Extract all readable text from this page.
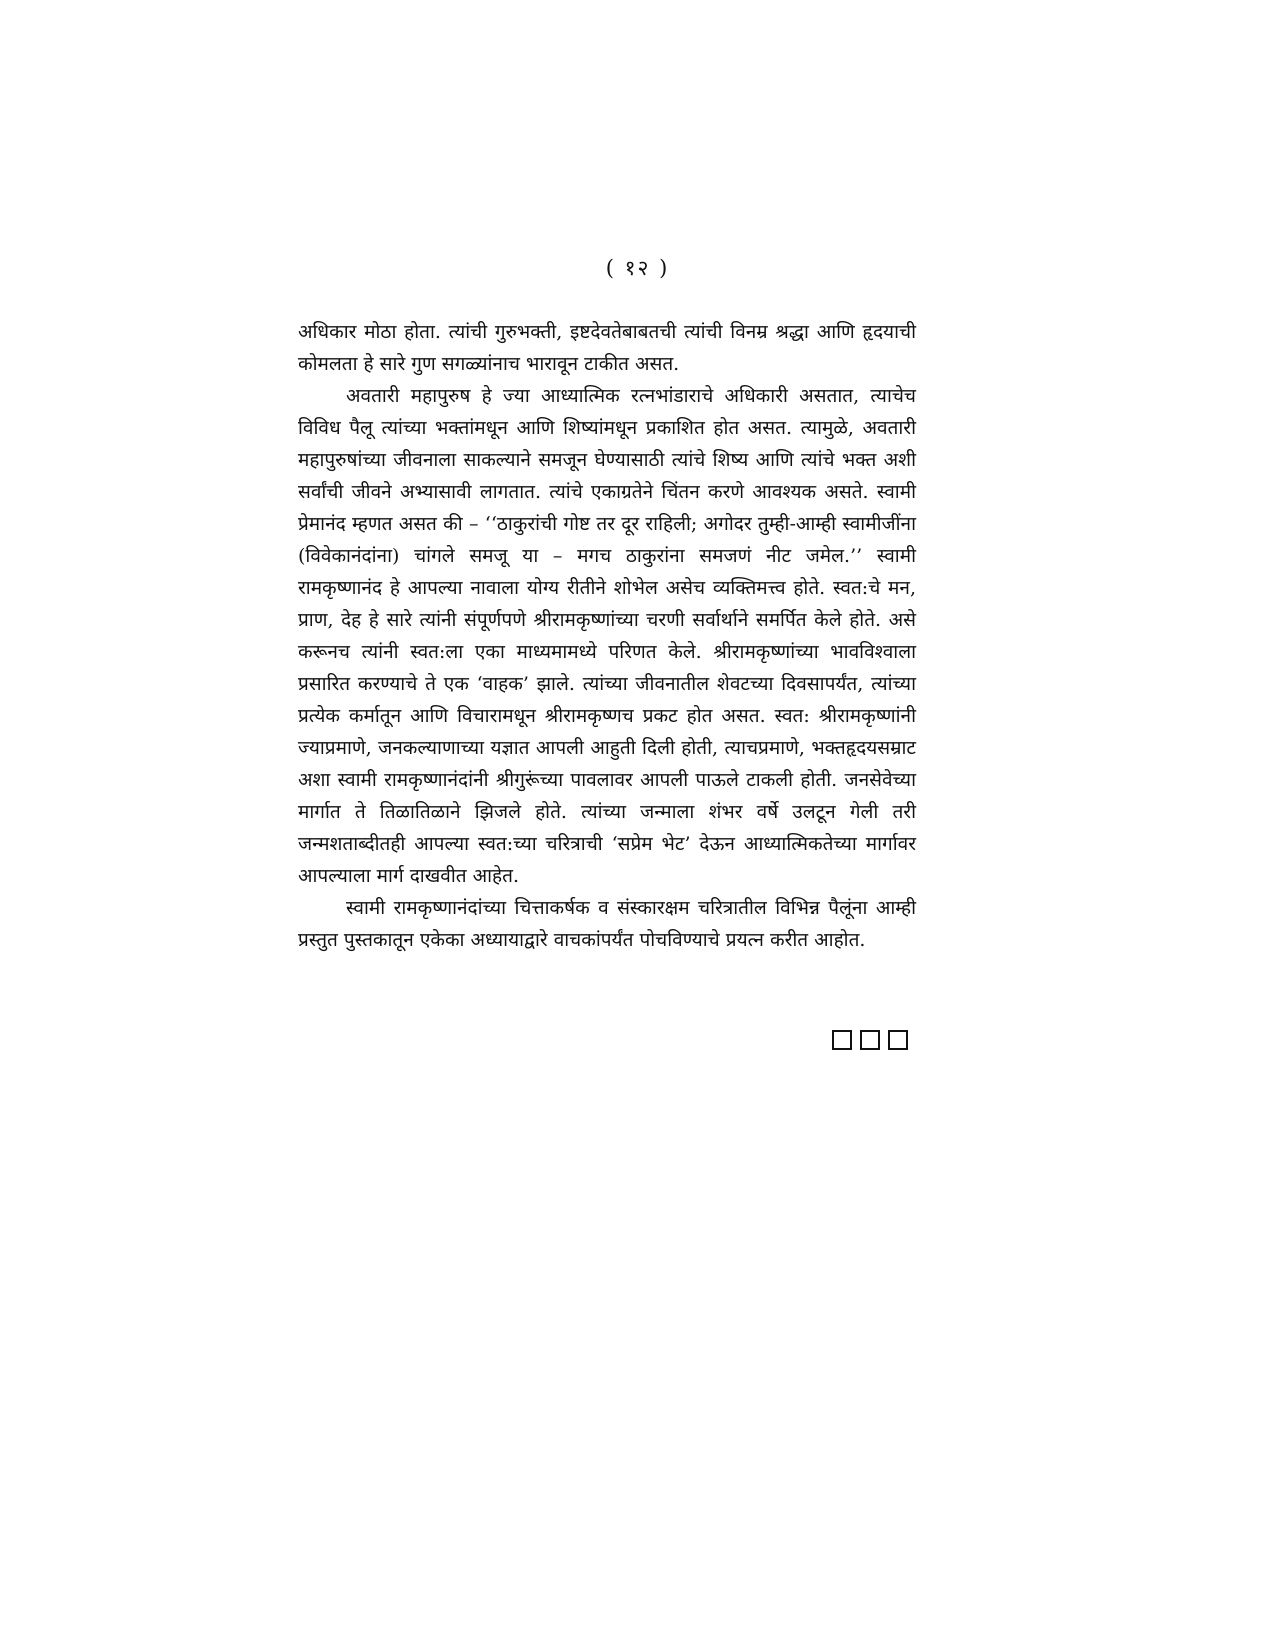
( १२ )

अधिकार मोठा होता. त्यांची गुरुभक्ती, इष्टदेवतेबाबतची त्यांची विनम्र श्रद्धा आणि हृदयाची कोमलता हे सारे गुण सगळ्यांनाच भारावून टाकीत असत.

अवतारी महापुरुष हे ज्या आध्यात्मिक रत्नभांडाराचे अधिकारी असतात, त्याचेच विविध पैलू त्यांच्या भक्तांमधून आणि शिष्यांमधून प्रकाशित होत असत. त्यामुळे, अवतारी महापुरुषांच्या जीवनाला साकल्याने समजून घेण्यासाठी त्यांचे शिष्य आणि त्यांचे भक्त अशी सर्वांची जीवने अभ्यासावी लागतात. त्यांचे एकाग्रतेने चिंतन करणे आवश्यक असते. स्वामी प्रेमानंद म्हणत असत की – ‘‘ठाकुरांची गोष्ट तर दूर राहिली; अगोदर तुम्ही-आम्ही स्वामीजींना (विवेकानंदांना) चांगले समजू या – मगच ठाकुरांना समजणं नीट जमेल.’’ स्वामी रामकृष्णानंद हे आपल्या नावाला योग्य रीतीने शोभेल असेच व्यक्तिमत्त्व होते. स्वत:चे मन, प्राण, देह हे सारे त्यांनी संपूर्णपणे श्रीरामकृष्णांच्या चरणी सर्वार्थाने समर्पित केले होते. असे करूनच त्यांनी स्वत:ला एका माध्यमामध्ये परिणत केले. श्रीरामकृष्णांच्या भावविश्वाला प्रसारित करण्याचे ते एक ‘वाहक’ झाले. त्यांच्या जीवनातील शेवटच्या दिवसापर्यंत, त्यांच्या प्रत्येक कर्मातून आणि विचारामधून श्रीरामकृष्णच प्रकट होत असत. स्वत: श्रीरामकृष्णांनी ज्याप्रमाणे, जनकल्याणाच्या यज्ञात आपली आहुती दिली होती, त्याचप्रमाणे, भक्तहृदयसम्राट अशा स्वामी रामकृष्णानंदांनी श्रीगुरूंच्या पावलावर आपली पाऊले टाकली होती. जनसेवेच्या मार्गात ते तिळातिळाने झिजले होते. त्यांच्या जन्माला शंभर वर्षे उलटून गेली तरी जन्मशताब्दीतही आपल्या स्वत:च्या चरित्राची ‘सप्रेम भेट’ देऊन आध्यात्मिकतेच्या मार्गावर आपल्याला मार्ग दाखवीत आहेत.

स्वामी रामकृष्णानंदांच्या चित्ताकर्षक व संस्कारक्षम चरित्रातील विभिन्न पैलूंना आम्ही प्रस्तुत पुस्तकातून एकेका अध्यायाद्वारे वाचकांपर्यंत पोचविण्याचे प्रयत्न करीत आहोत.
